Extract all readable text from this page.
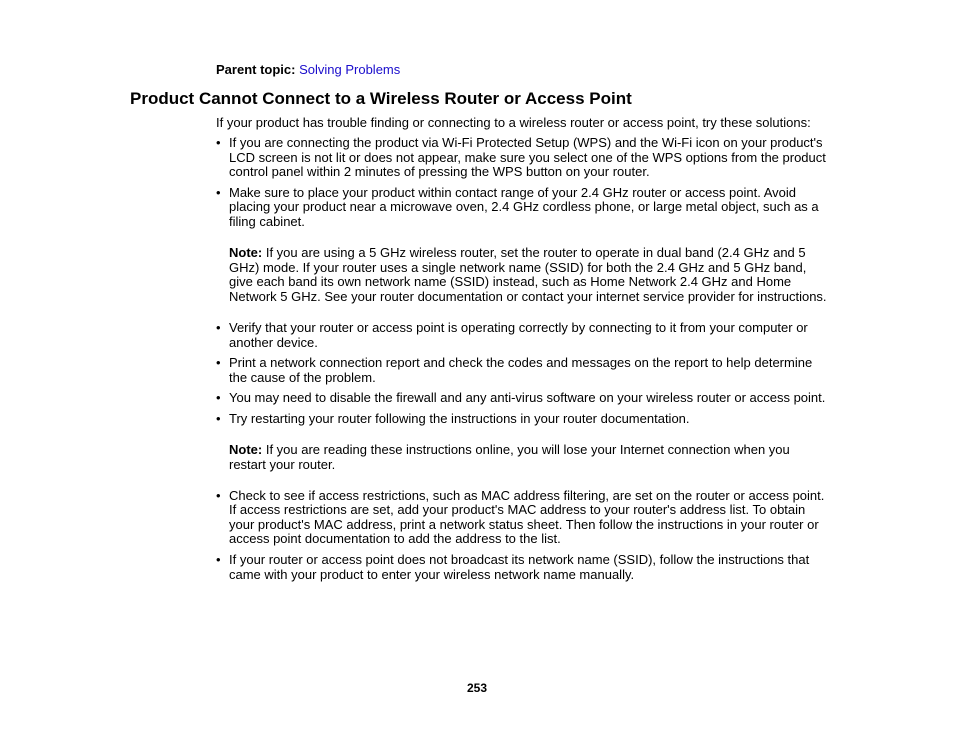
Parent topic: Solving Problems
Product Cannot Connect to a Wireless Router or Access Point

If your product has trouble finding or connecting to a wireless router or access point, try these solutions:

• If you are connecting the product via Wi-Fi Protected Setup (WPS) and the Wi-Fi icon on your product's LCD screen is not lit or does not appear, make sure you select one of the WPS options from the product control panel within 2 minutes of pressing the WPS button on your router.
• Make sure to place your product within contact range of your 2.4 GHz router or access point. Avoid placing your product near a microwave oven, 2.4 GHz cordless phone, or large metal object, such as a filing cabinet.
Note: If you are using a 5 GHz wireless router, set the router to operate in dual band (2.4 GHz and 5 GHz) mode. If your router uses a single network name (SSID) for both the 2.4 GHz and 5 GHz band, give each band its own network name (SSID) instead, such as Home Network 2.4 GHz and Home Network 5 GHz. See your router documentation or contact your internet service provider for instructions.
• Verify that your router or access point is operating correctly by connecting to it from your computer or another device.
• Print a network connection report and check the codes and messages on the report to help determine the cause of the problem.
• You may need to disable the firewall and any anti-virus software on your wireless router or access point.
• Try restarting your router following the instructions in your router documentation.
Note: If you are reading these instructions online, you will lose your Internet connection when you restart your router.
• Check to see if access restrictions, such as MAC address filtering, are set on the router or access point. If access restrictions are set, add your product's MAC address to your router's address list. To obtain your product's MAC address, print a network status sheet. Then follow the instructions in your router or access point documentation to add the address to the list.
• If your router or access point does not broadcast its network name (SSID), follow the instructions that came with your product to enter your wireless network name manually.
253
